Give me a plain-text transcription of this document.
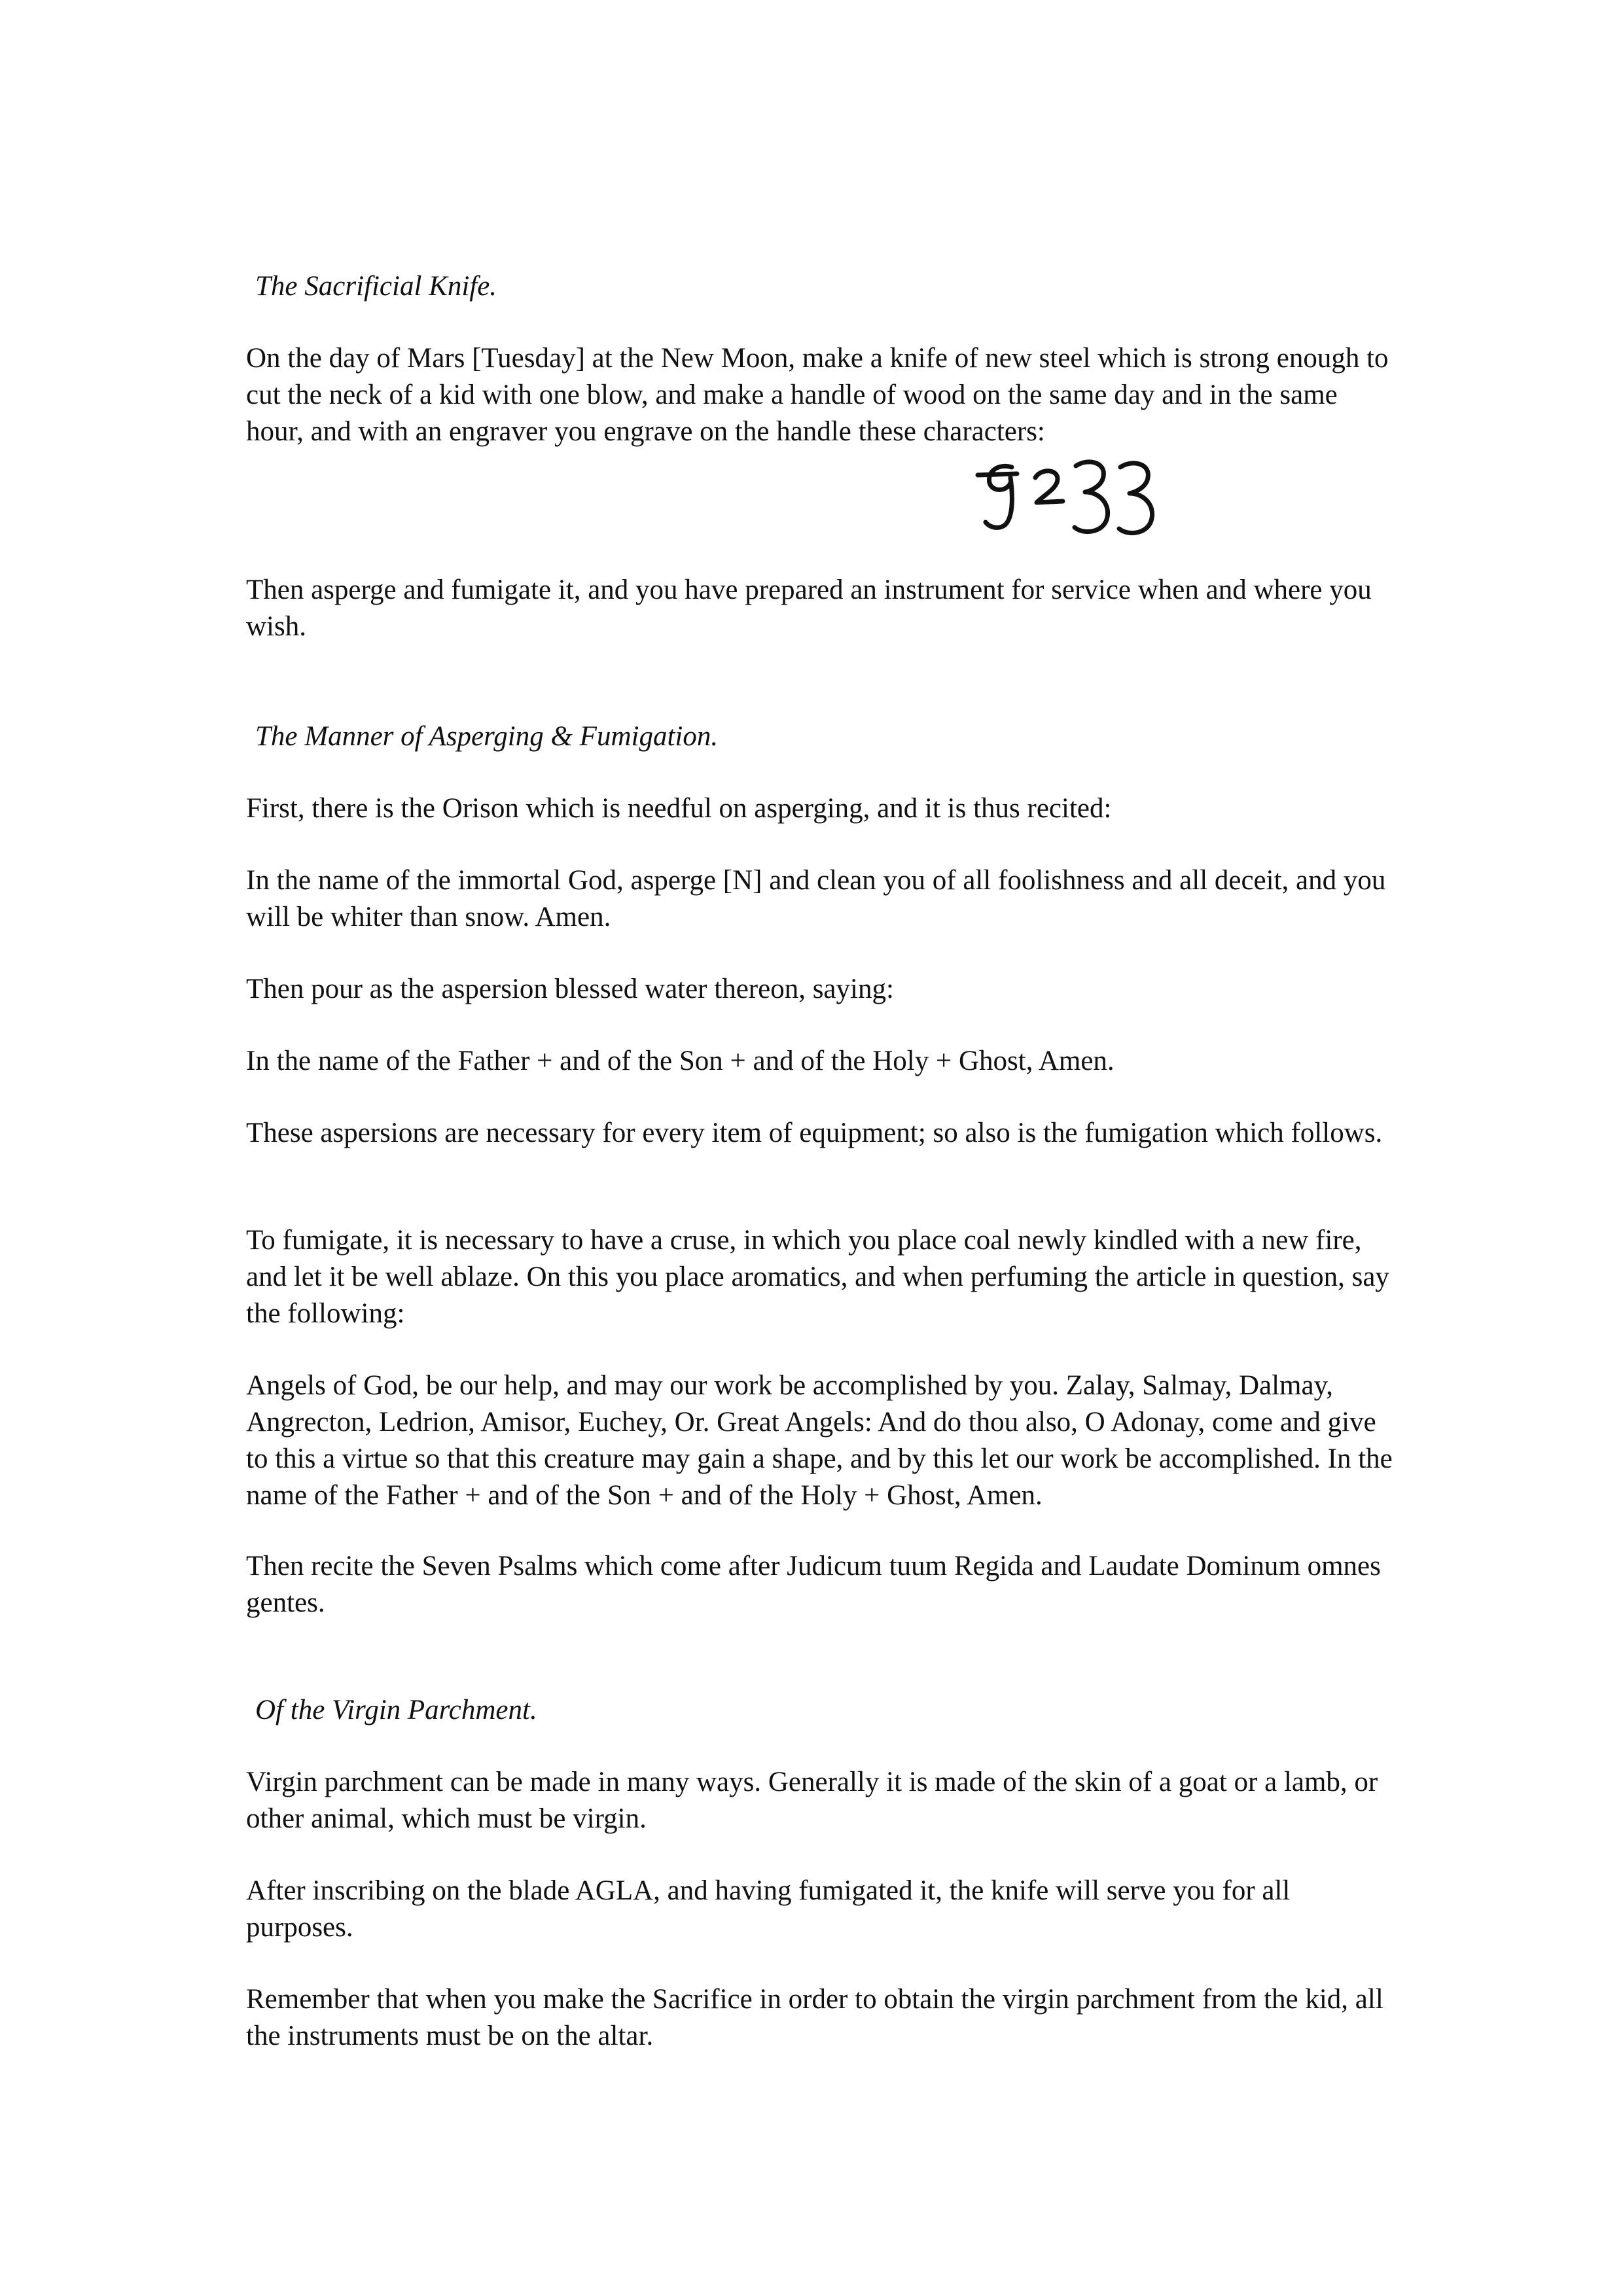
The Sacrificial Knife.

On the day of Mars [Tuesday] at the New Moon, make a knife of new steel which is strong enough to cut the neck of a kid with one blow, and make a handle of wood on the same day and in the same hour, and with an engraver you engrave on the handle these characters:

Then asperge and fumigate it, and you have prepared an instrument for service when and where you wish.

The Manner of Asperging & Fumigation.

First, there is the Orison which is needful on asperging, and it is thus recited:

In the name of the immortal God, asperge [N] and clean you of all foolishness and all deceit, and you will be whiter than snow. Amen.

Then pour as the aspersion blessed water thereon, saying:

In the name of the Father + and of the Son + and of the Holy + Ghost, Amen.

These aspersions are necessary for every item of equipment; so also is the fumigation which follows.

To fumigate, it is necessary to have a cruse, in which you place coal newly kindled with a new fire, and let it be well ablaze. On this you place aromatics, and when perfuming the article in question, say the following:

Angels of God, be our help, and may our work be accomplished by you. Zalay, Salmay, Dalmay, Angrecton, Ledrion, Amisor, Euchey, Or. Great Angels: And do thou also, O Adonay, come and give to this a virtue so that this creature may gain a shape, and by this let our work be accomplished. In the name of the Father + and of the Son + and of the Holy + Ghost, Amen.

Then recite the Seven Psalms which come after Judicum tuum Regida and Laudate Dominum omnes gentes.

Of the Virgin Parchment.

Virgin parchment can be made in many ways. Generally it is made of the skin of a goat or a lamb, or other animal, which must be virgin.

After inscribing on the blade AGLA, and having fumigated it, the knife will serve you for all purposes.

Remember that when you make the Sacrifice in order to obtain the virgin parchment from the kid, all the instruments must be on the altar.
